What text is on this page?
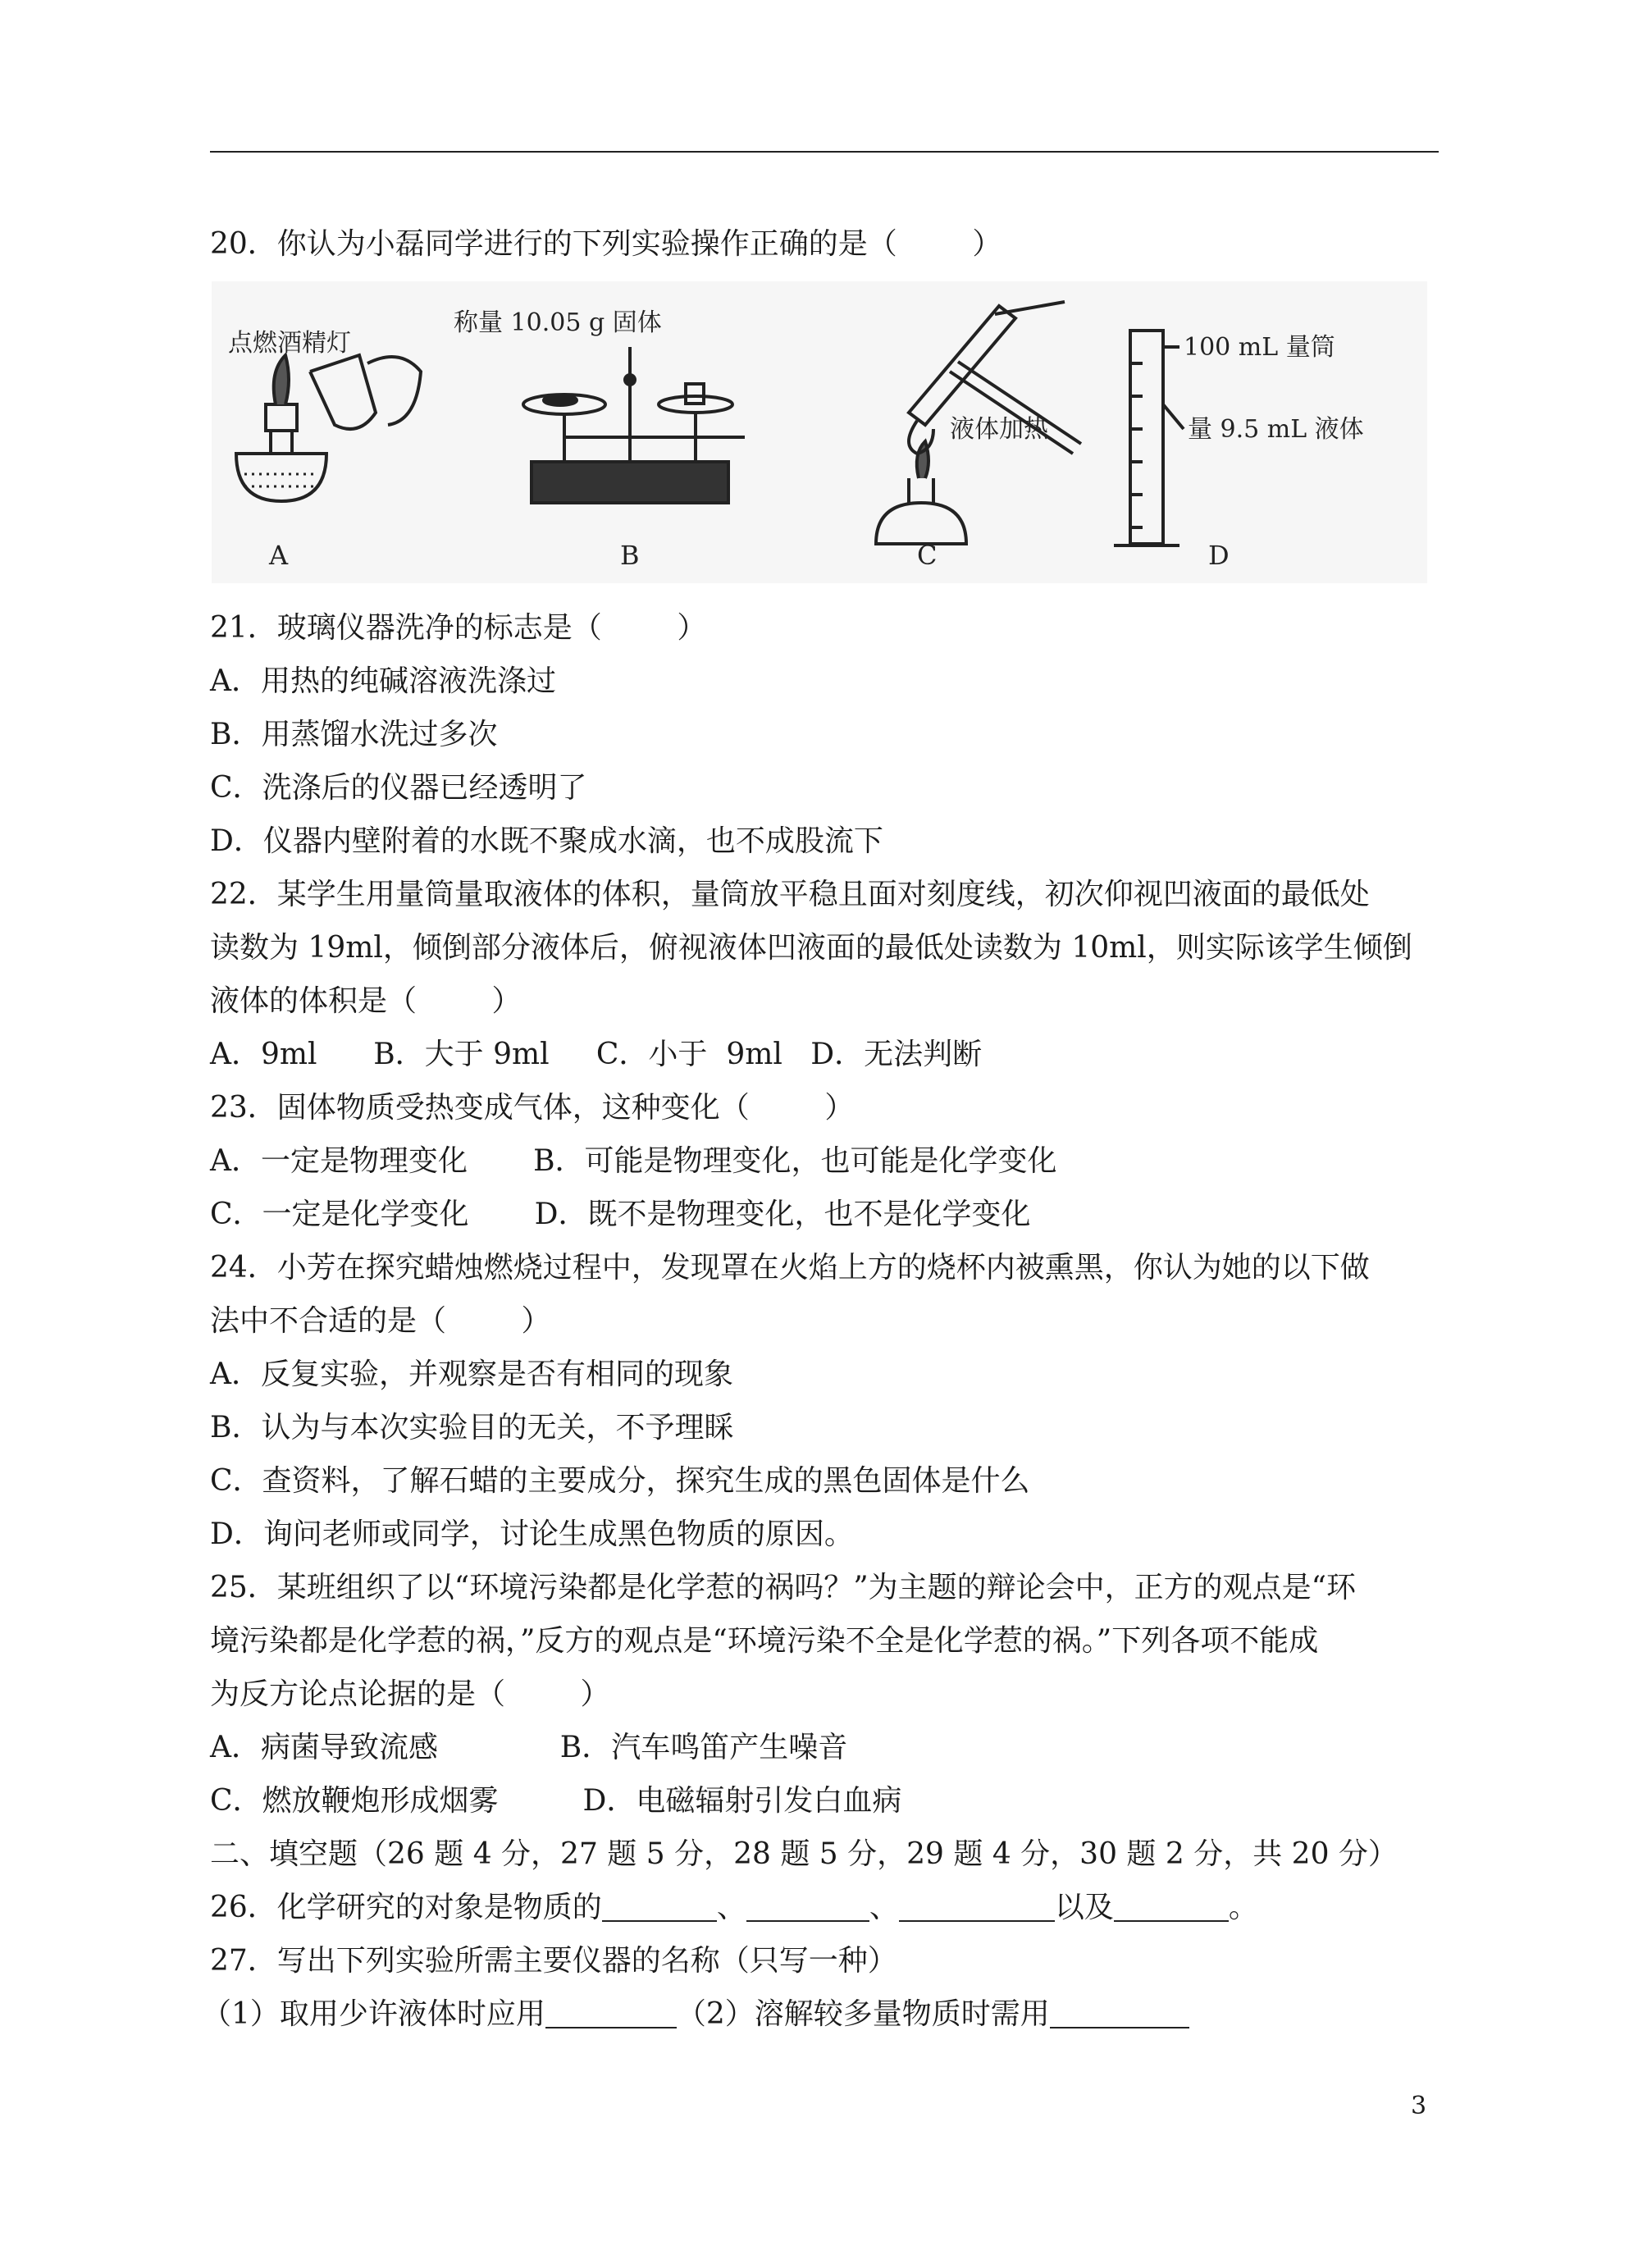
20．你认为小磊同学进行的下列实验操作正确的是（        ）
点燃酒精灯
称量 10.05 g 固体
液体加热
100 mL 量筒
量 9.5 mL 液体
A	B	C	D
21．玻璃仪器洗净的标志是（        ）
A．用热的纯碱溶液洗涤过
B．用蒸馏水洗过多次
C．洗涤后的仪器已经透明了
D．仪器内壁附着的水既不聚成水滴，也不成股流下
22．某学生用量筒量取液体的体积，量筒放平稳且面对刻度线，初次仰视凹液面的最低处
读数为 19ml，倾倒部分液体后，俯视液体凹液面的最低处读数为 10ml，则实际该学生倾倒
液体的体积是（        ）
A．9ml      B．大于 9ml     C．小于  9ml   D．无法判断
23．固体物质受热变成气体，这种变化（        ）
A．一定是物理变化       B．可能是物理变化，也可能是化学变化
C．一定是化学变化       D．既不是物理变化，也不是化学变化
24．小芳在探究蜡烛燃烧过程中，发现罩在火焰上方的烧杯内被熏黑，你认为她的以下做
法中不合适的是（        ）
A．反复实验，并观察是否有相同的现象
B．认为与本次实验目的无关，不予理睬
C．查资料，了解石蜡的主要成分，探究生成的黑色固体是什么
D．询问老师或同学，讨论生成黑色物质的原因。
25．某班组织了以“环境污染都是化学惹的祸吗？”为主题的辩论会中，正方的观点是“环
境污染都是化学惹的祸，”反方的观点是“环境污染不全是化学惹的祸。”下列各项不能成
为反方论点论据的是（        ）
A．病菌导致流感             B．汽车鸣笛产生噪音
C．燃放鞭炮形成烟雾         D．电磁辐射引发白血病
二、填空题（26 题 4 分，27 题 5 分，28 题 5 分，29 题 4 分，30 题 2 分，共 20 分）
26．化学研究的对象是物质的	、	、	以及	。
27．写出下列实验所需主要仪器的名称（只写一种）
（1）取用少许液体时应用	（2）溶解较多量物质时需用
3
